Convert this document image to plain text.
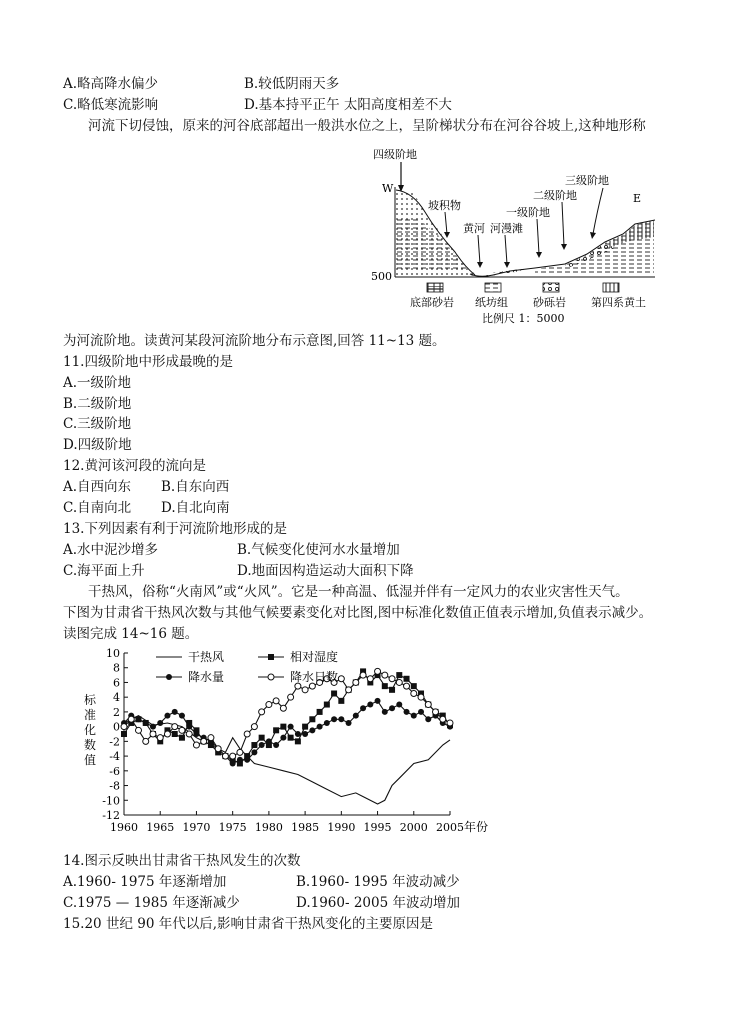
A.略高降水偏少	B.较低阴雨天多
C.略低寒流影响	D.基本持平正午 太阳高度相差不大
河流下切侵蚀，原来的河谷底部超出一般洪水位之上，呈阶梯状分布在河谷谷坡上,这种地形称
四级阶地
W
坡积物
黄河 河漫滩
一级阶地
二级阶地
三级阶地
E
500
底部砂岩 纸坊组 砂砾岩 第四系黄土
比例尺 1：5000
为河流阶地。读黄河某段河流阶地分布示意图,回答 11~13 题。
11.四级阶地中形成最晚的是
A.一级阶地
B.二级阶地
C.三级阶地
D.四级阶地
12.黄河该河段的流向是
A.自西向东 B.自东向西
C.自南向北 D.自北向南
13.下列因素有利于河流阶地形成的是
A.水中泥沙增多	B.气候变化使河水水量增加
C.海平面上升	D.地面因构造运动大面积下降
干热风，俗称“火南风”或“火风”。它是一种高温、低湿并伴有一定风力的农业灾害性天气。
下图为甘肃省干热风次数与其他气候要素变化对比图,图中标准化数值正值表示增加,负值表示减少。
读图完成 14~16 题。
10
8
6
4
2
0
-2
-4
-6
-8
-10
-12
1960 1965 1970 1975 1980 1985 1990 1995 2000 2005 年份
标
准
化
数
值
干热风	相对湿度
降水量	降水日数
14.图示反映出甘肃省干热风发生的次数
A.1960- 1975 年逐渐增加	B.1960- 1995 年波动减少
C.1975 — 1985 年逐渐减少	D.1960- 2005 年波动增加
15.20 世纪 90 年代以后,影响甘肃省干热风变化的主要原因是
